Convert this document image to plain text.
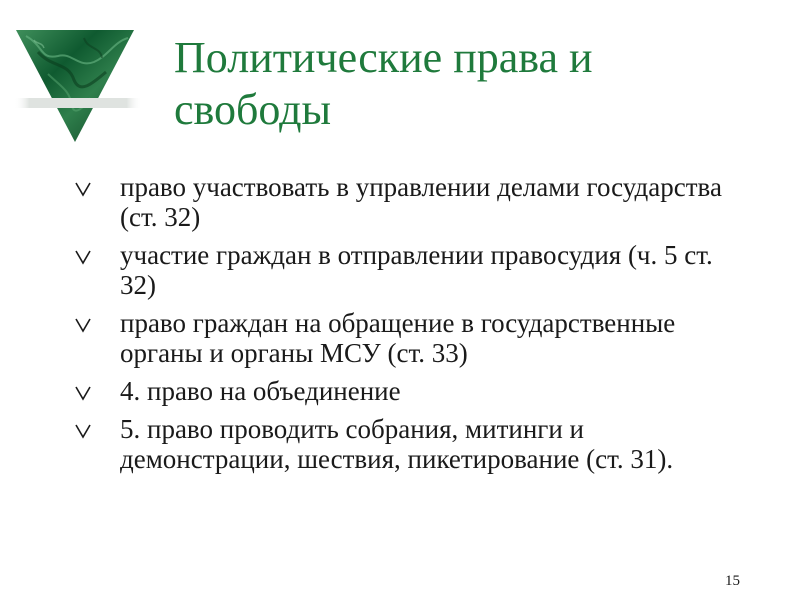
Политические права и свободы
право участвовать в управлении делами государства (ст. 32)
участие граждан в отправлении правосудия (ч. 5 ст. 32)
право граждан на обращение в государственные органы и органы МСУ (ст. 33)
4. право на объединение
5. право проводить собрания, митинги и демонстрации, шествия, пикетирование (ст. 31).
15
